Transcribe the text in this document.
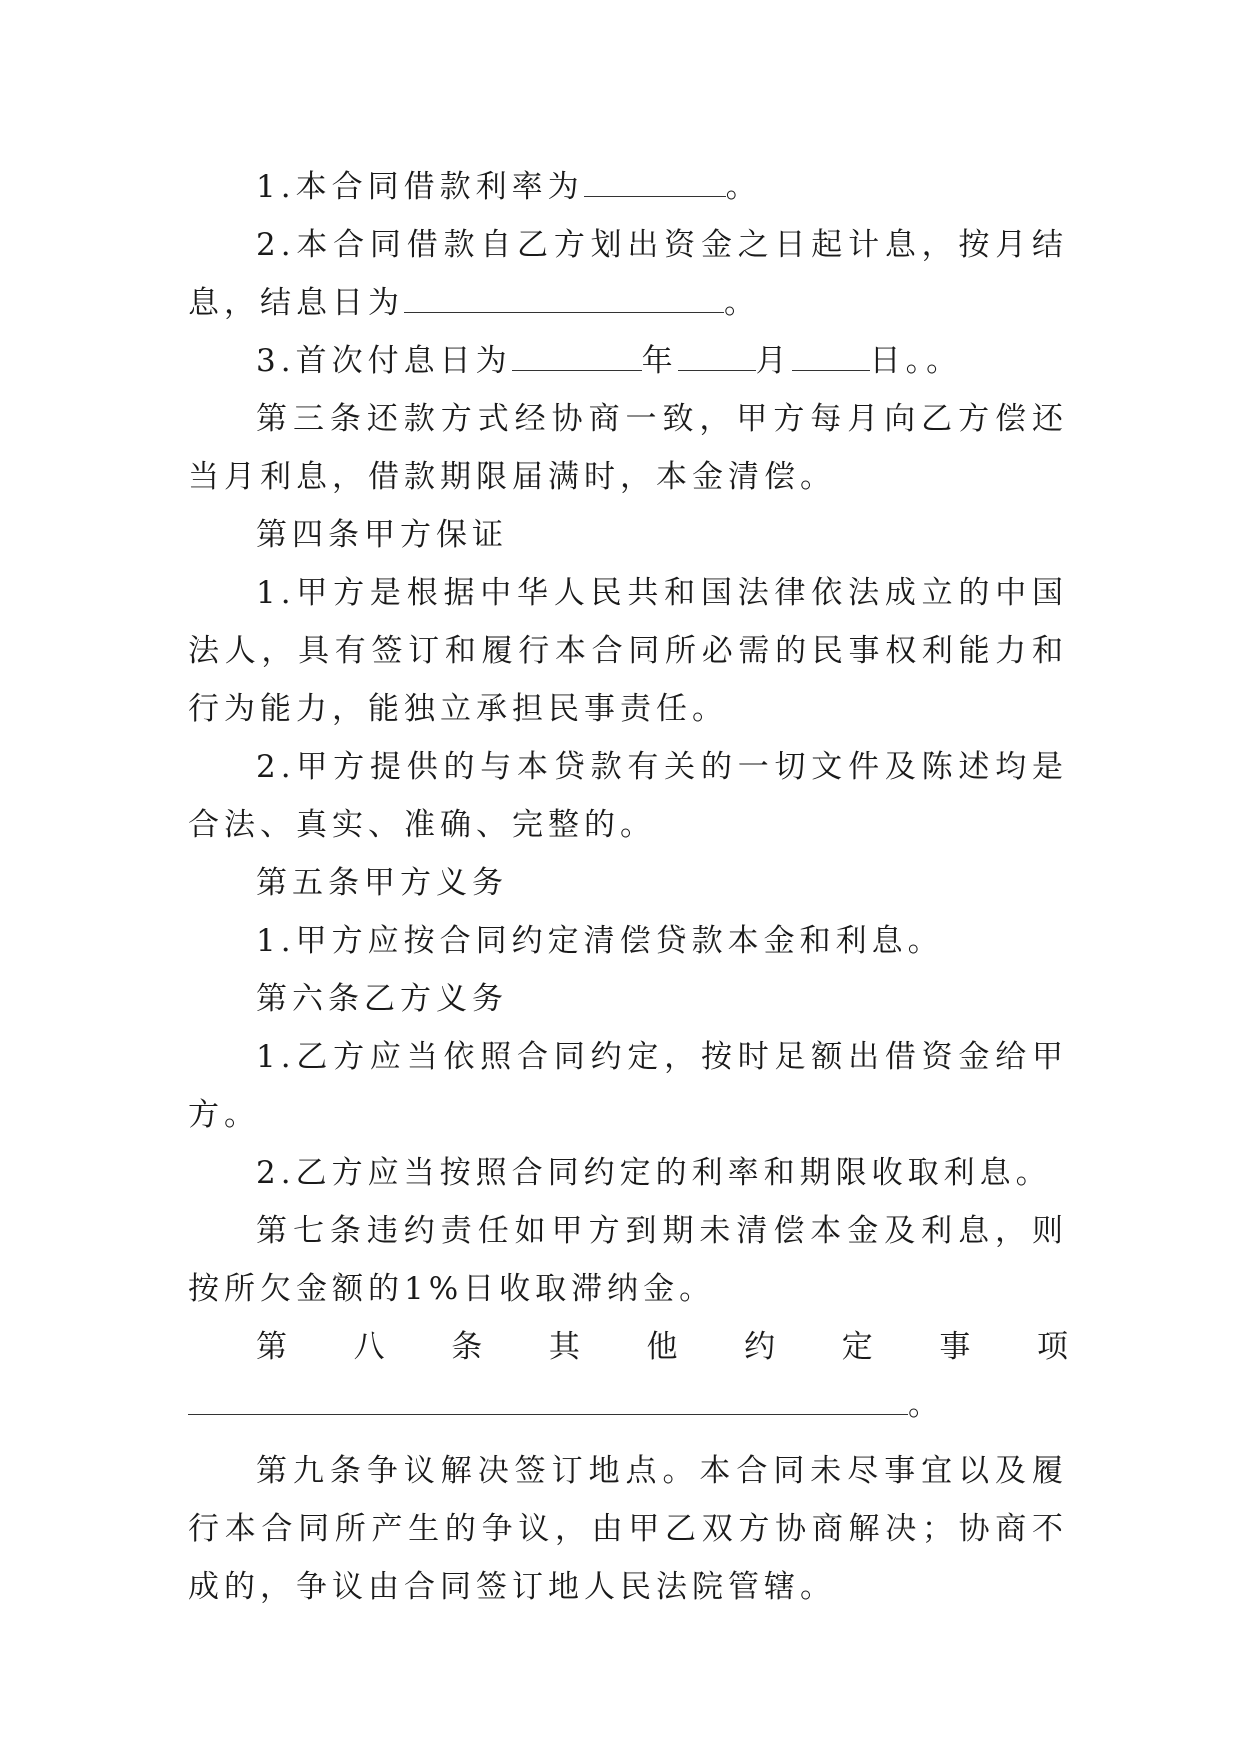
1.本合同借款利率为	。

2.本合同借款自乙方划出资金之日起计息，按月结息，结息日为	。

3.首次付息日为	年	月	日。。

第三条还款方式经协商一致，甲方每月向乙方偿还当月利息，借款期限届满时，本金清偿。

第四条甲方保证

1.甲方是根据中华人民共和国法律依法成立的中国法人，具有签订和履行本合同所必需的民事权利能力和行为能力，能独立承担民事责任。

2.甲方提供的与本贷款有关的一切文件及陈述均是合法、真实、准确、完整的。

第五条甲方义务

1.甲方应按合同约定清偿贷款本金和利息。

第六条乙方义务

1.乙方应当依照合同约定，按时足额出借资金给甲方。

2.乙方应当按照合同约定的利率和期限收取利息。

第七条违约责任如甲方到期未清偿本金及利息，则按所欠金额的1%日收取滞纳金。

第 八 条 其 他 约 定 事 项
。

第九条争议解决签订地点。本合同未尽事宜以及履行本合同所产生的争议，由甲乙双方协商解决；协商不成的，争议由合同签订地人民法院管辖。
